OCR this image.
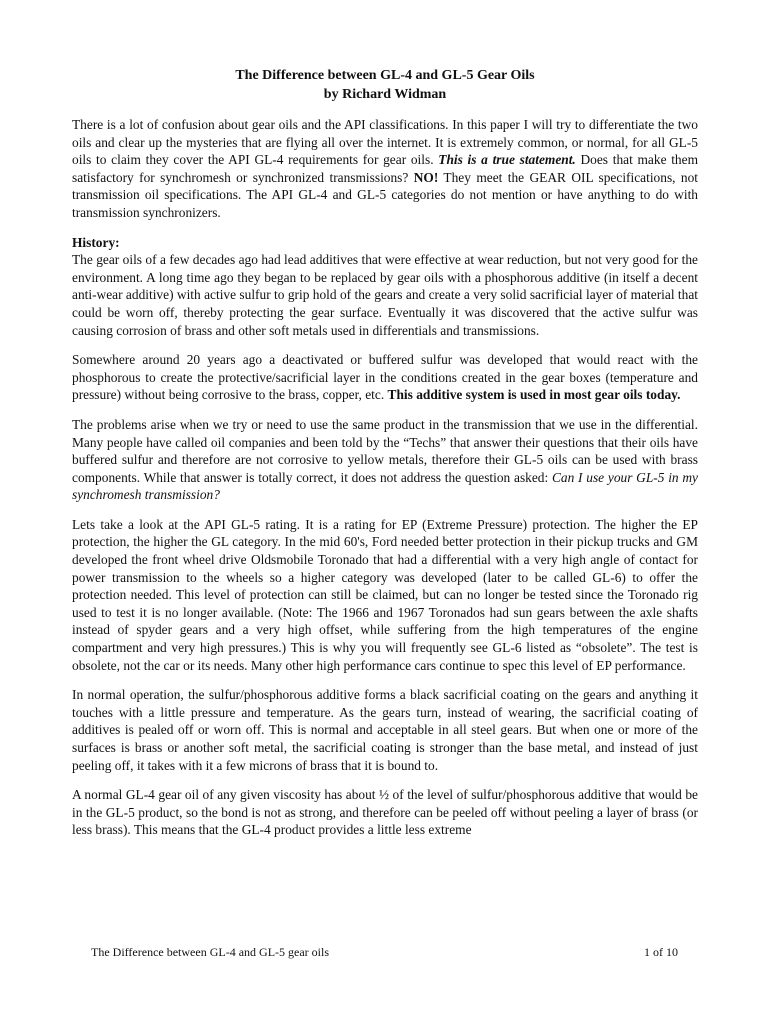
The Difference between GL-4 and GL-5 Gear Oils
by Richard Widman

There is a lot of confusion about gear oils and the API classifications. In this paper I will try to differentiate the two oils and clear up the mysteries that are flying all over the internet. It is extremely common, or normal, for all GL-5 oils to claim they cover the API GL-4 requirements for gear oils. This is a true statement. Does that make them satisfactory for synchromesh or synchronized transmissions? NO! They meet the GEAR OIL specifications, not transmission oil specifications. The API GL-4 and GL-5 categories do not mention or have anything to do with transmission synchronizers.

History:

The gear oils of a few decades ago had lead additives that were effective at wear reduction, but not very good for the environment. A long time ago they began to be replaced by gear oils with a phosphorous additive (in itself a decent anti-wear additive) with active sulfur to grip hold of the gears and create a very solid sacrificial layer of material that could be worn off, thereby protecting the gear surface. Eventually it was discovered that the active sulfur was causing corrosion of brass and other soft metals used in differentials and transmissions.

Somewhere around 20 years ago a deactivated or buffered sulfur was developed that would react with the phosphorous to create the protective/sacrificial layer in the conditions created in the gear boxes (temperature and pressure) without being corrosive to the brass, copper, etc. This additive system is used in most gear oils today.

The problems arise when we try or need to use the same product in the transmission that we use in the differential. Many people have called oil companies and been told by the “Techs” that answer their questions that their oils have buffered sulfur and therefore are not corrosive to yellow metals, therefore their GL-5 oils can be used with brass components. While that answer is totally correct, it does not address the question asked: Can I use your GL-5 in my synchromesh transmission?

Lets take a look at the API GL-5 rating. It is a rating for EP (Extreme Pressure) protection. The higher the EP protection, the higher the GL category. In the mid 60's, Ford needed better protection in their pickup trucks and GM developed the front wheel drive Oldsmobile Toronado that had a differential with a very high angle of contact for power transmission to the wheels so a higher category was developed (later to be called GL-6) to offer the protection needed. This level of protection can still be claimed, but can no longer be tested since the Toronado rig used to test it is no longer available. (Note: The 1966 and 1967 Toronados had sun gears between the axle shafts instead of spyder gears and a very high offset, while suffering from the high temperatures of the engine compartment and very high pressures.) This is why you will frequently see GL-6 listed as “obsolete”. The test is obsolete, not the car or its needs. Many other high performance cars continue to spec this level of EP performance.

In normal operation, the sulfur/phosphorous additive forms a black sacrificial coating on the gears and anything it touches with a little pressure and temperature. As the gears turn, instead of wearing, the sacrificial coating of additives is pealed off or worn off. This is normal and acceptable in all steel gears. But when one or more of the surfaces is brass or another soft metal, the sacrificial coating is stronger than the base metal, and instead of just peeling off, it takes with it a few microns of brass that it is bound to.

A normal GL-4 gear oil of any given viscosity has about ½ of the level of sulfur/phosphorous additive that would be in the GL-5 product, so the bond is not as strong, and therefore can be peeled off without peeling a layer of brass (or less brass). This means that the GL-4 product provides a little less extreme

The Difference between GL-4 and GL-5 gear oils	1 of 10
